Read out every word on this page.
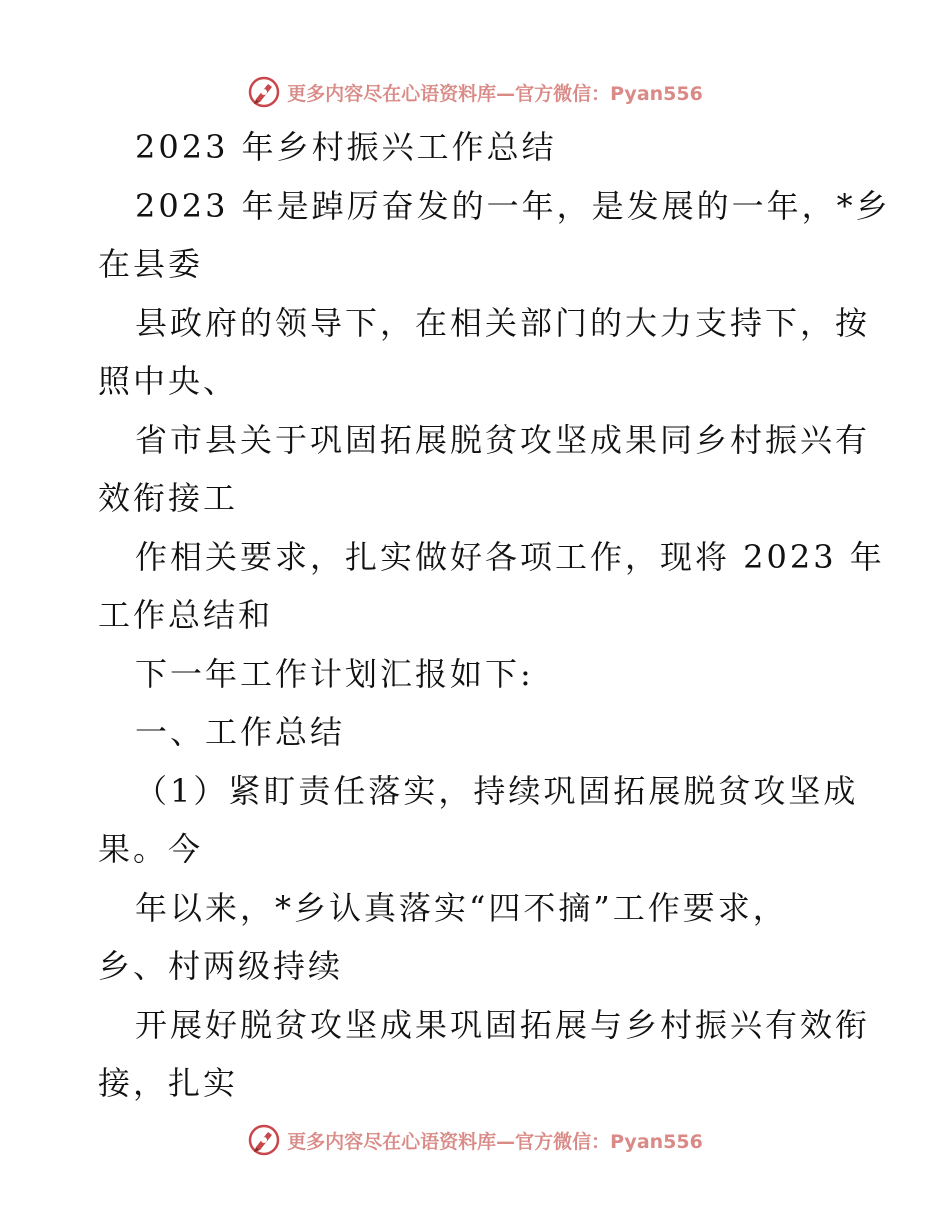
更多内容尽在心语资料库—官方微信：Pyan556
2023 年乡村振兴工作总结
2023 年是踔厉奋发的一年，是发展的一年，*乡
在县委
县政府的领导下，在相关部门的大力支持下，按
照中央、
省市县关于巩固拓展脱贫攻坚成果同乡村振兴有
效衔接工
作相关要求，扎实做好各项工作，现将 2023 年
工作总结和
下一年工作计划汇报如下:
一、工作总结
（1）紧盯责任落实，持续巩固拓展脱贫攻坚成
果。今
年以来，*乡认真落实“四不摘”工作要求，
乡、村两级持续
开展好脱贫攻坚成果巩固拓展与乡村振兴有效衔
接，扎实
更多内容尽在心语资料库—官方微信：Pyan556
